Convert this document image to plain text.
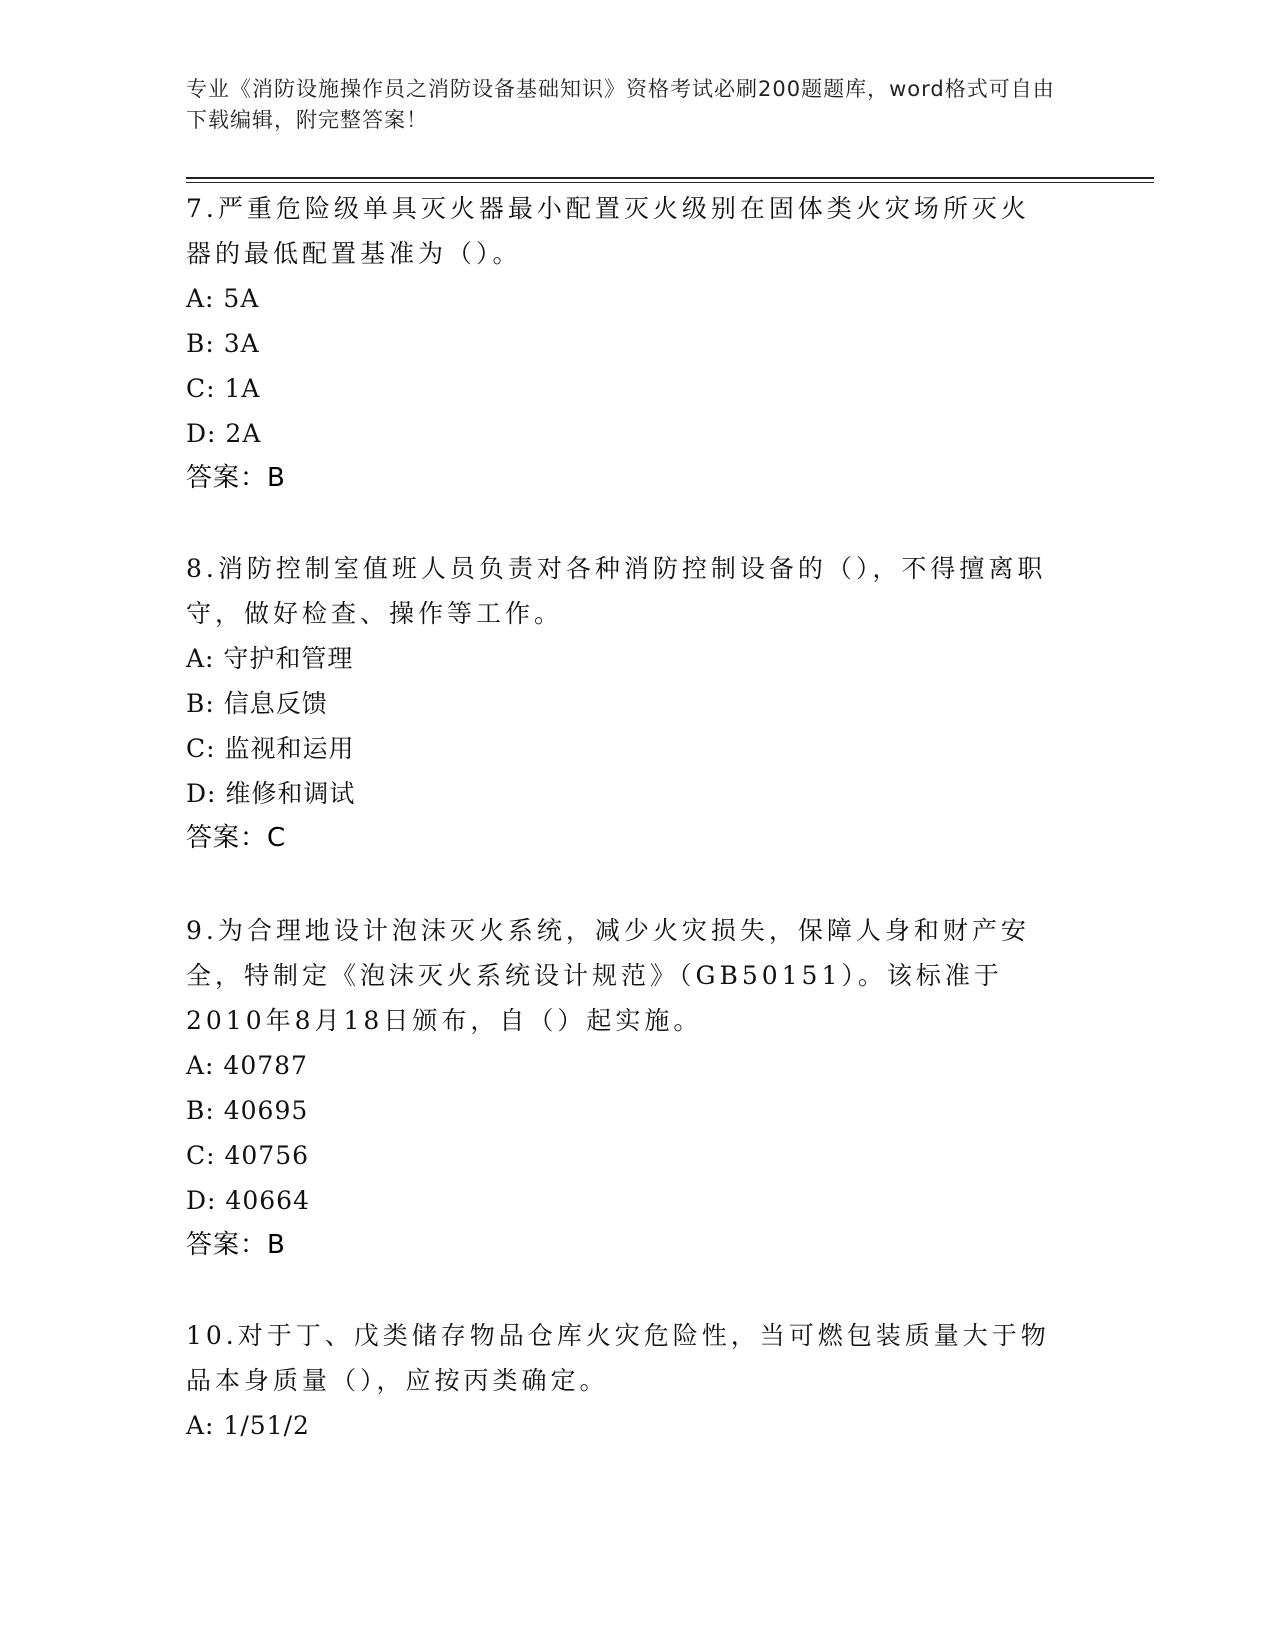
专业《消防设施操作员之消防设备基础知识》资格考试必刷200题题库，word格式可自由下载编辑，附完整答案！
7.严重危险级单具灭火器最小配置灭火级别在固体类火灾场所灭火器的最低配置基准为（）。
A: 5A
B: 3A
C: 1A
D: 2A
答案：B
8.消防控制室值班人员负责对各种消防控制设备的（），不得擅离职守，做好检查、操作等工作。
A: 守护和管理
B: 信息反馈
C: 监视和运用
D: 维修和调试
答案：C
9.为合理地设计泡沫灭火系统，减少火灾损失，保障人身和财产安全，特制定《泡沫灭火系统设计规范》（GB50151）。该标准于2010年8月18日颁布，自（）起实施。
A: 40787
B: 40695
C: 40756
D: 40664
答案：B
10.对于丁、戊类储存物品仓库火灾危险性，当可燃包装质量大于物品本身质量（），应按丙类确定。
A: 1/51/2
